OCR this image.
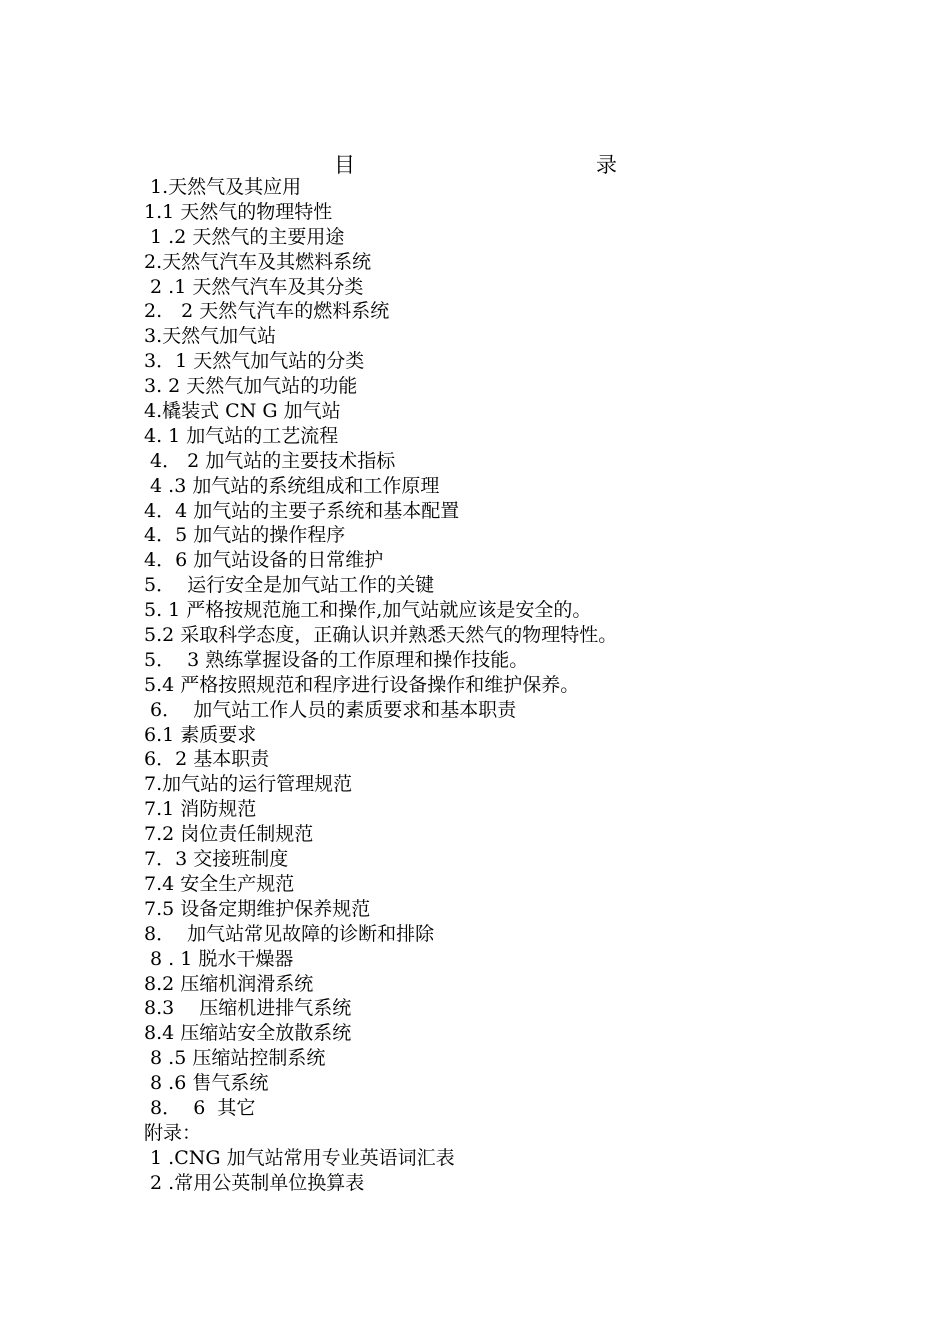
目	录
1.天然气及其应用
1.1 天然气的物理特性
1 .2 天然气的主要用途
2.天然气汽车及其燃料系统
2 .1 天然气汽车及其分类
2.　2 天然气汽车的燃料系统
3.天然气加气站
3．1 天然气加气站的分类
3. 2 天然气加气站的功能
4.橇装式 CN G 加气站
4. 1 加气站的工艺流程
4． 2 加气站的主要技术指标
4 .3 加气站的系统组成和工作原理
4．4 加气站的主要子系统和基本配置
4．5 加气站的操作程序
4．6 加气站设备的日常维护
5．  运行安全是加气站工作的关键
5. 1 严格按规范施工和操作,加气站就应该是安全的。
5.2 采取科学态度，正确认识并熟悉天然气的物理特性。
5．  3 熟练掌握设备的工作原理和操作技能。
5.4 严格按照规范和程序进行设备操作和维护保养。
6．  加气站工作人员的素质要求和基本职责
6.1 素质要求
6．2 基本职责
7.加气站的运行管理规范
7.1 消防规范
7.2 岗位责任制规范
7．3 交接班制度
7.4 安全生产规范
7.5 设备定期维护保养规范
8．  加气站常见故障的诊断和排除
8 . 1 脱水干燥器
8.2 压缩机润滑系统
8.3　 压缩机进排气系统
8.4 压缩站安全放散系统
8 .5 压缩站控制系统
8 .6 售气系统
8．  6  其它
附录：
1 .CNG 加气站常用专业英语词汇表
2 .常用公英制单位换算表
